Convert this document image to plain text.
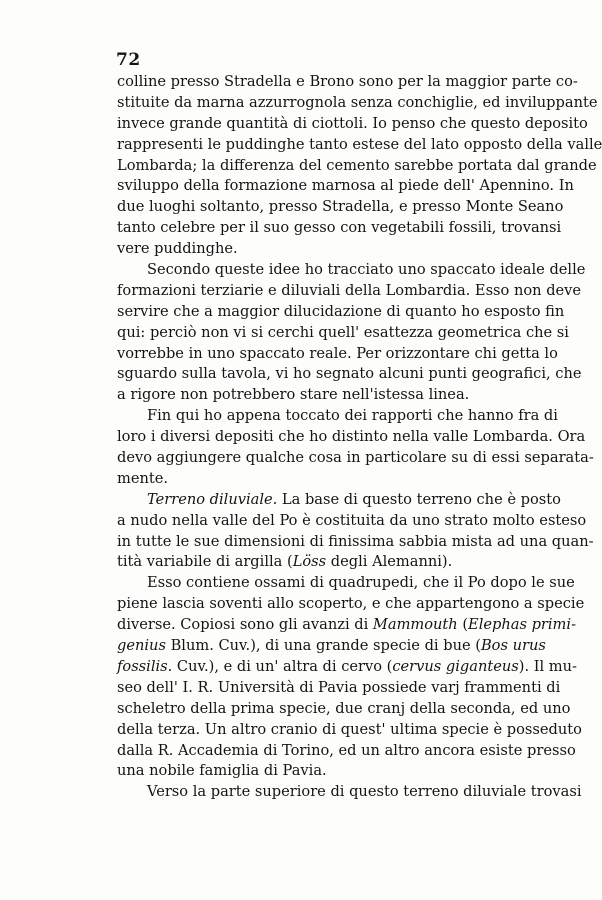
72
colline presso Stradella e Brono sono per la maggior parte co-
stituite da marna azzurrognola senza conchiglie, ed inviluppante
invece grande quantità di ciottoli. Io penso che questo deposito
rappresenti le puddinghe tanto estese del lato opposto della valle
Lombarda; la differenza del cemento sarebbe portata dal grande
sviluppo della formazione marnosa al piede dell' Apennino. In
due luoghi soltanto, presso Stradella, e presso Monte Seano
tanto celebre per il suo gesso con vegetabili fossili, trovansi
vere puddinghe.
Secondo queste idee ho tracciato uno spaccato ideale delle
formazioni terziarie e diluviali della Lombardia. Esso non deve
servire che a maggior dilucidazione di quanto ho esposto fin
qui: perciò non vi si cerchi quell' esattezza geometrica che si
vorrebbe in uno spaccato reale. Per orizzontare chi getta lo
sguardo sulla tavola, vi ho segnato alcuni punti geografici, che
a rigore non potrebbero stare nell'istessa linea.
Fin qui ho appena toccato dei rapporti che hanno fra di
loro i diversi depositi che ho distinto nella valle Lombarda. Ora
devo aggiungere qualche cosa in particolare su di essi separata-
mente.
Terreno diluviale. La base di questo terreno che è posto
a nudo nella valle del Po è costituita da uno strato molto esteso
in tutte le sue dimensioni di finissima sabbia mista ad una quan-
tità variabile di argilla (Löss degli Alemanni).
Esso contiene ossami di quadrupedi, che il Po dopo le sue
piene lascia soventi allo scoperto, e che appartengono a specie
diverse. Copiosi sono gli avanzi di Mammouth (Elephas primi-
genius Blum. Cuv.), di una grande specie di bue (Bos urus
fossilis. Cuv.), e di un' altra di cervo (cervus giganteus). Il mu-
seo dell' I. R. Università di Pavia possiede varj frammenti di
scheletro della prima specie, due cranj della seconda, ed uno
della terza. Un altro cranio di quest' ultima specie è posseduto
dalla R. Accademia di Torino, ed un altro ancora esiste presso
una nobile famiglia di Pavia.
Verso la parte superiore di questo terreno diluviale trovasi
